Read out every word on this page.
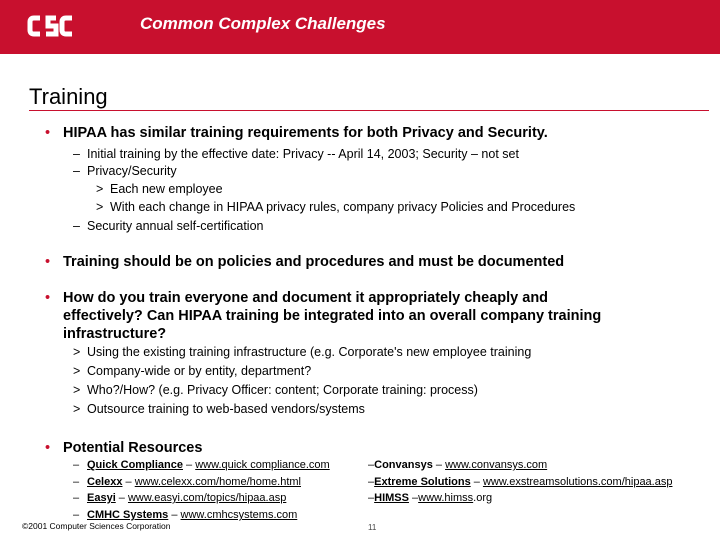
Common Complex Challenges
Training
• HIPAA has similar training requirements for both Privacy and Security.
– Initial training by the effective date: Privacy -- April 14, 2003; Security – not set
– Privacy/Security
> Each new employee
> With each change in HIPAA privacy rules, company privacy Policies and Procedures
– Security annual self-certification
• Training should be on policies and procedures and must be documented
• How do you train everyone and document it appropriately cheaply and effectively? Can HIPAA training be integrated into an overall company training infrastructure?
> Using the existing training infrastructure (e.g. Corporate's new employee training
> Company-wide or by entity, department?
> Who?/How? (e.g. Privacy Officer: content; Corporate training: process)
> Outsource training to web-based vendors/systems
• Potential Resources
– Quick Compliance – www.quick compliance.com
– Celexx – www.celexx.com/home/home.html
– Easyi – www.easyi.com/topics/hipaa.asp
– CMHC Systems – www.cmhcsystems.com
–Convansys – www.convansys.com
–Extreme Solutions – www.exstreamsolutions.com/hipaa.asp
–HIMSS –www.himss.org
©2001 Computer Sciences Corporation	11
